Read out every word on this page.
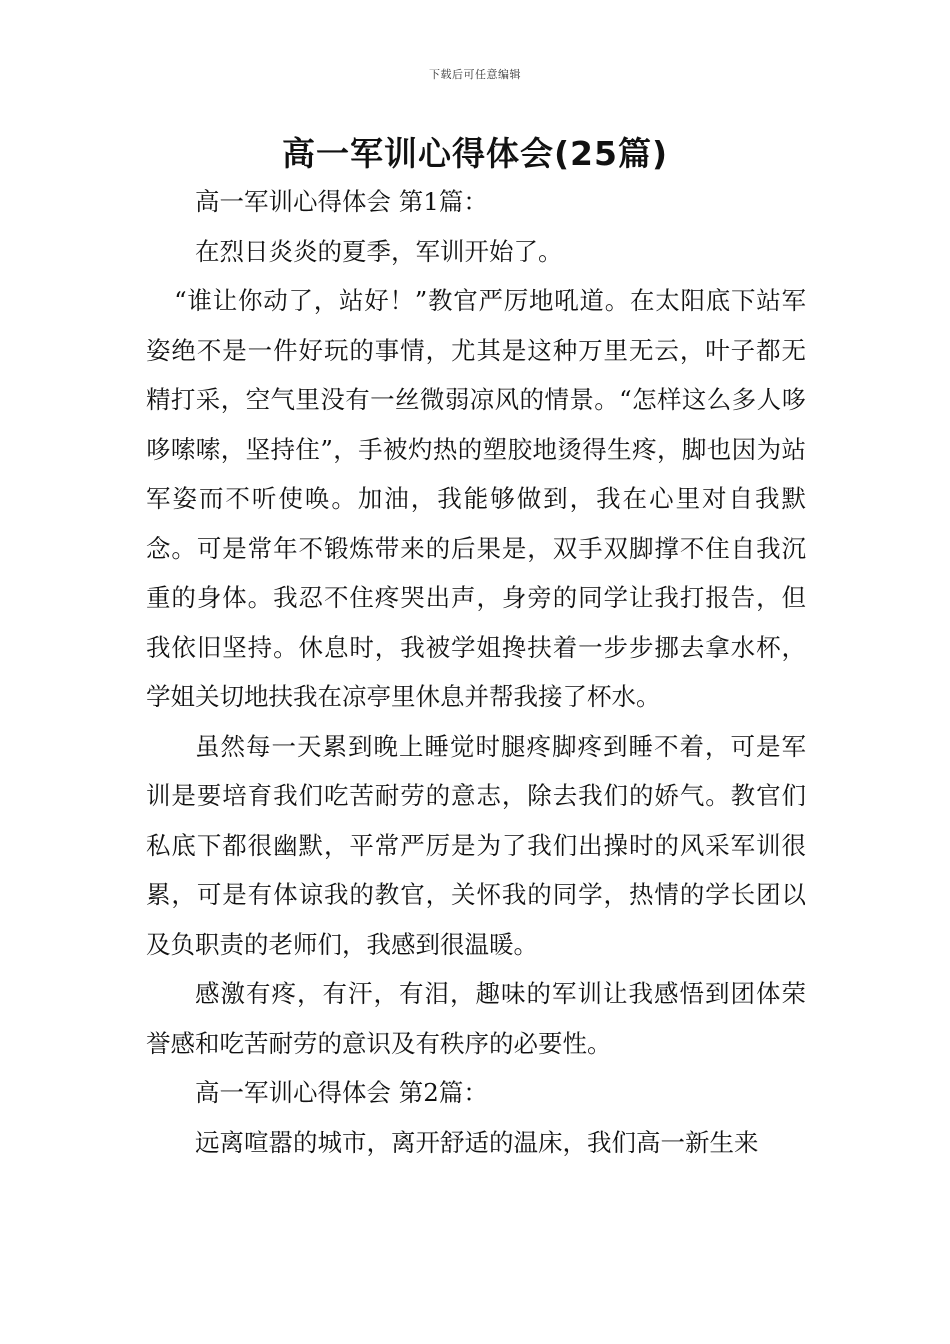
下载后可任意编辑
高一军训心得体会(25篇)

高一军训心得体会 第1篇：

在烈日炎炎的夏季，军训开始了。

“谁让你动了，站好！”教官严厉地吼道。在太阳底下站军姿绝不是一件好玩的事情，尤其是这种万里无云，叶子都无精打采，空气里没有一丝微弱凉风的情景。“怎样这么多人哆哆嗦嗦，坚持住”，手被灼热的塑胶地烫得生疼，脚也因为站军姿而不听使唤。加油，我能够做到，我在心里对自我默念。可是常年不锻炼带来的后果是，双手双脚撑不住自我沉重的身体。我忍不住疼哭出声，身旁的同学让我打报告，但我依旧坚持。休息时，我被学姐搀扶着一步步挪去拿水杯，学姐关切地扶我在凉亭里休息并帮我接了杯水。

虽然每一天累到晚上睡觉时腿疼脚疼到睡不着，可是军训是要培育我们吃苦耐劳的意志，除去我们的娇气。教官们私底下都很幽默，平常严厉是为了我们出操时的风采军训很累，可是有体谅我的教官，关怀我的同学，热情的学长团以及负职责的老师们，我感到很温暖。

感激有疼，有汗，有泪，趣味的军训让我感悟到团体荣誉感和吃苦耐劳的意识及有秩序的必要性。

高一军训心得体会 第2篇：

远离喧嚣的城市，离开舒适的温床，我们高一新生来
